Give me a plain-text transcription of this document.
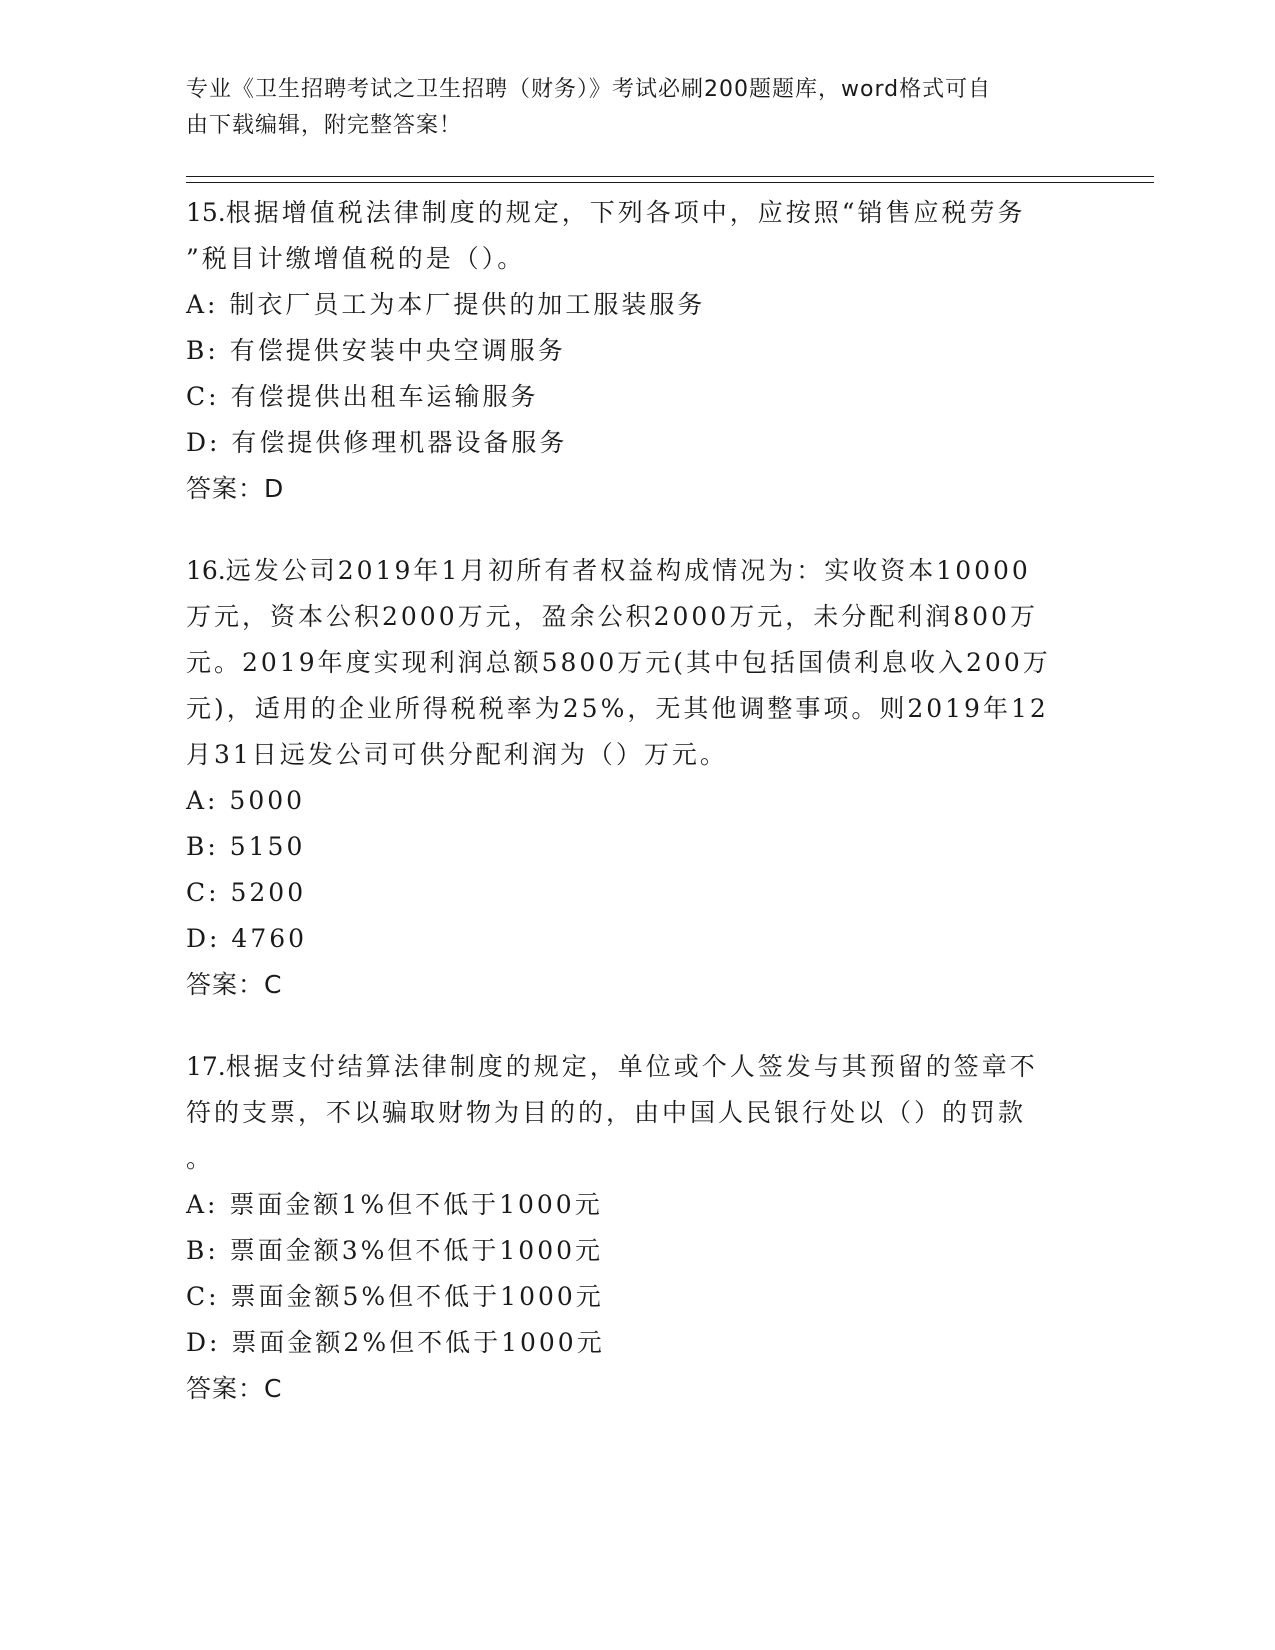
专业《卫生招聘考试之卫生招聘（财务）》考试必刷200题题库，word格式可自
由下载编辑，附完整答案！
15.根据增值税法律制度的规定，下列各项中，应按照“销售应税劳务
”税目计缴增值税的是（）。
A: 制衣厂员工为本厂提供的加工服装服务
B: 有偿提供安装中央空调服务
C: 有偿提供出租车运输服务
D: 有偿提供修理机器设备服务
答案：D
16.远发公司2019年1月初所有者权益构成情况为：实收资本10000
万元，资本公积2000万元，盈余公积2000万元，未分配利润800万
元。2019年度实现利润总额5800万元(其中包括国债利息收入200万
元)，适用的企业所得税税率为25%，无其他调整事项。则2019年12
月31日远发公司可供分配利润为（）万元。
A: 5000
B: 5150
C: 5200
D: 4760
答案：C
17.根据支付结算法律制度的规定，单位或个人签发与其预留的签章不
符的支票，不以骗取财物为目的的，由中国人民银行处以（）的罚款
。
A: 票面金额1%但不低于1000元
B: 票面金额3%但不低于1000元
C: 票面金额5%但不低于1000元
D: 票面金额2%但不低于1000元
答案：C
